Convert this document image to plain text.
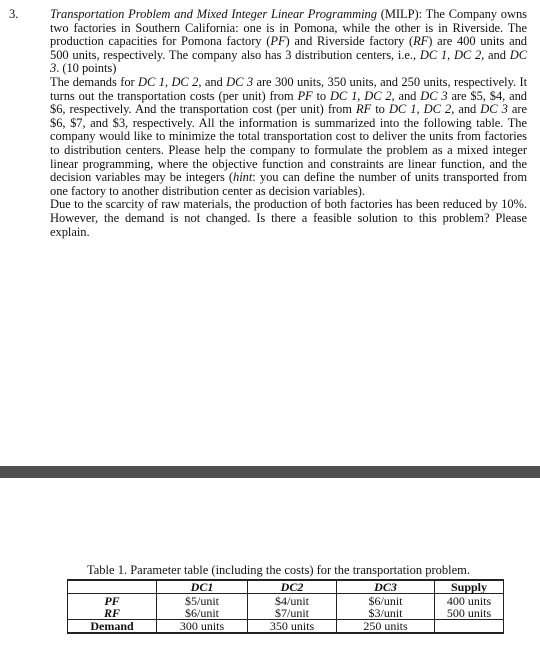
3.	Transportation Problem and Mixed Integer Linear Programming (MILP): The Company owns two factories in Southern California: one is in Pomona, while the other is in Riverside. The production capacities for Pomona factory (PF) and Riverside factory (RF) are 400 units and 500 units, respectively. The company also has 3 distribution centers, i.e., DC 1, DC 2, and DC 3. (10 points)

The demands for DC 1, DC 2, and DC 3 are 300 units, 350 units, and 250 units, respectively. It turns out the transportation costs (per unit) from PF to DC 1, DC 2, and DC 3 are $5, $4, and $6, respectively. And the transportation cost (per unit) from RF to DC 1, DC 2, and DC 3 are $6, $7, and $3, respectively. All the information is summarized into the following table. The company would like to minimize the total transportation cost to deliver the units from factories to distribution centers. Please help the company to formulate the problem as a mixed integer linear programming, where the objective function and constraints are linear function, and the decision variables may be integers (hint: you can define the number of units transported from one factory to another distribution center as decision variables).

Due to the scarcity of raw materials, the production of both factories has been reduced by 10%. However, the demand is not changed. Is there a feasible solution to this problem? Please explain.

Table 1. Parameter table (including the costs) for the transportation problem.
	DC1	DC2	DC3	Supply
PF	$5/unit	$4/unit	$6/unit	400 units
RF	$6/unit	$7/unit	$3/unit	500 units
Demand	300 units	350 units	250 units	
